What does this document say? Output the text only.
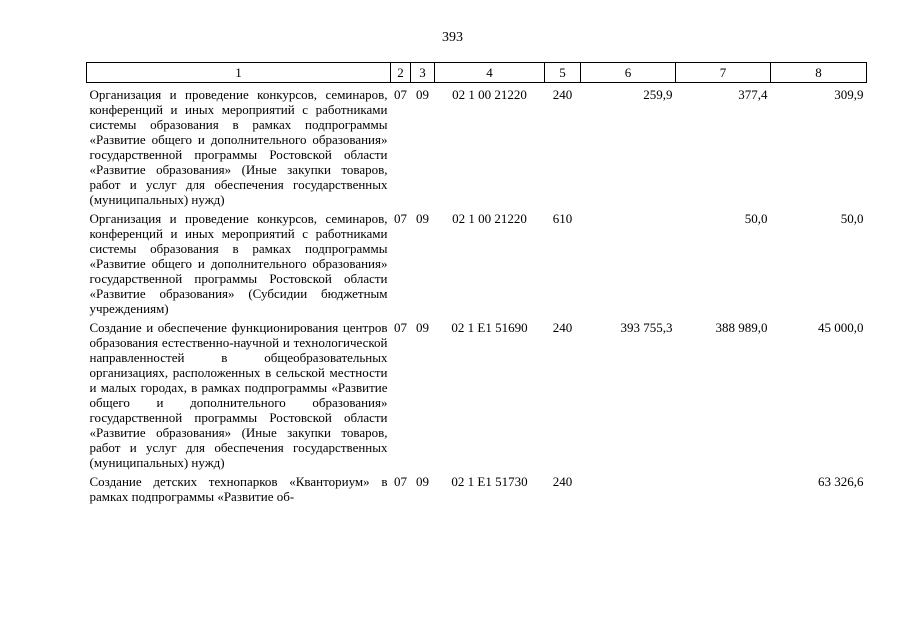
393
1	2	3	4	5	6	7	8
Организация и проведение конкурсов, семинаров, конференций и иных мероприятий с работниками системы образования в рамках подпрограммы «Развитие общего и дополнительного образования» государственной программы Ростовской области «Развитие образования» (Иные закупки товаров, работ и услуг для обеспечения государственных (муниципальных) нужд)	07	09	02 1 00 21220	240	259,9	377,4	309,9
Организация и проведение конкурсов, семинаров, конференций и иных мероприятий с работниками системы образования в рамках подпрограммы «Развитие общего и дополнительного образования» государственной программы Ростовской области «Развитие образования» (Субсидии бюджетным учреждениям)	07	09	02 1 00 21220	610		50,0	50,0
Создание и обеспечение функционирования центров образования естественно-научной и технологической направленностей в общеобразовательных организациях, расположенных в сельской местности и малых городах, в рамках подпрограммы «Развитие общего и дополнительного образования» государственной программы Ростовской области «Развитие образования» (Иные закупки товаров, работ и услуг для обеспечения государственных (муниципальных) нужд)	07	09	02 1 E1 51690	240	393 755,3	388 989,0	45 000,0
Создание детских технопарков «Кванториум» в рамках подпрограммы «Развитие об-	07	09	02 1 E1 51730	240			63 326,6
